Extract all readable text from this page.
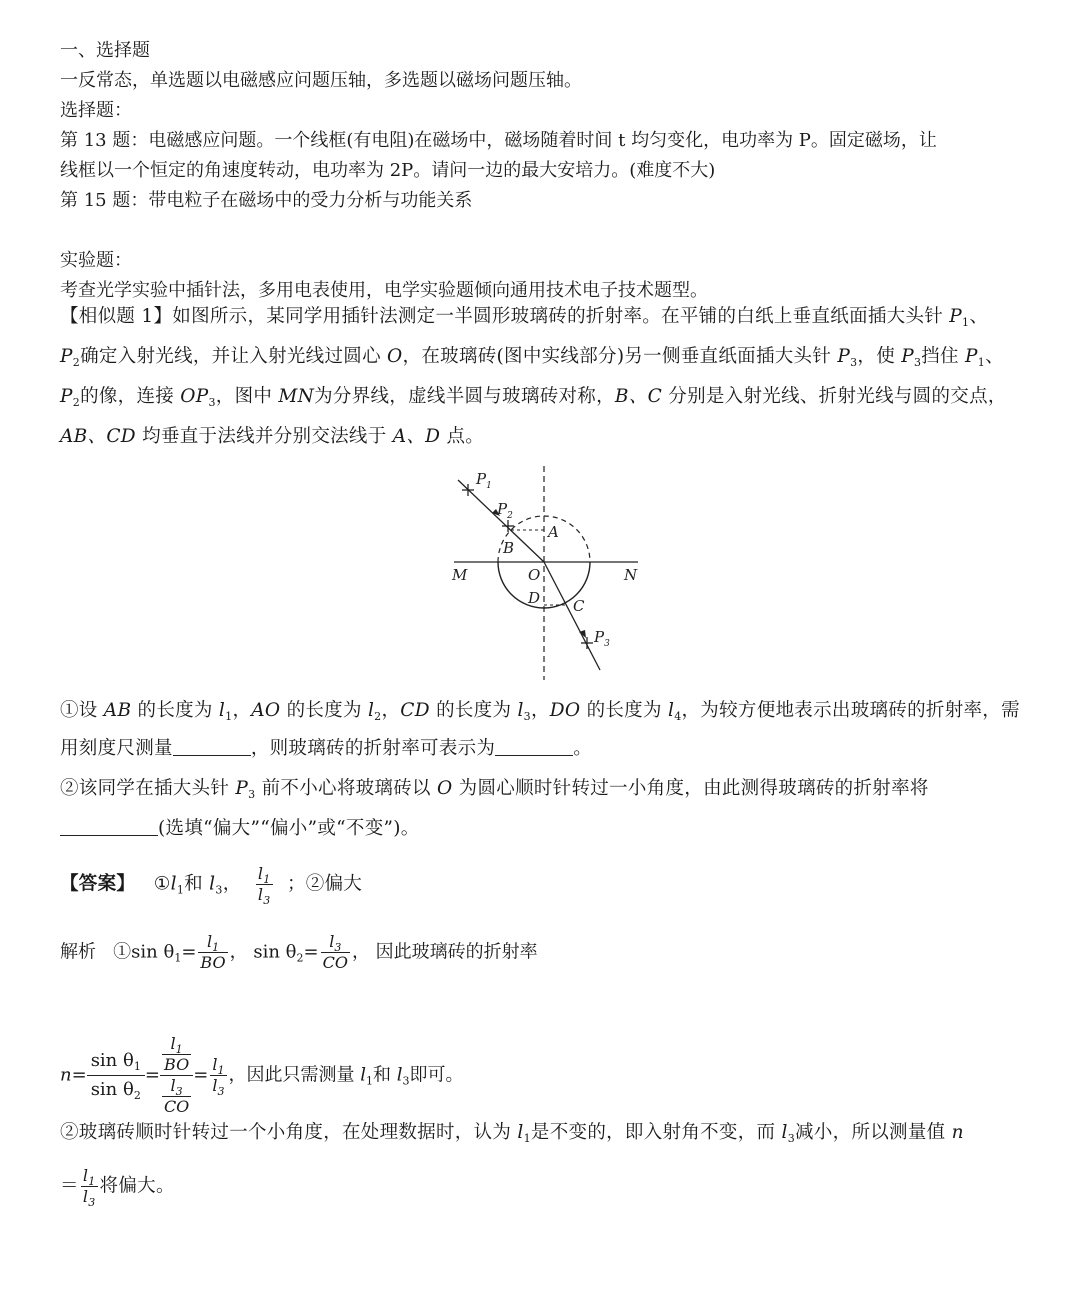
一、选择题
一反常态，单选题以电磁感应问题压轴，多选题以磁场问题压轴。
选择题：
第 13 题：电磁感应问题。一个线框(有电阻)在磁场中，磁场随着时间 t 均匀变化，电功率为 P。固定磁场，让
线框以一个恒定的角速度转动，电功率为 2P。请问一边的最大安培力。(难度不大)
第 15 题：带电粒子在磁场中的受力分析与功能关系
实验题：
考查光学实验中插针法，多用电表使用，电学实验题倾向通用技术电子技术题型。
【相似题 1】如图所示，某同学用插针法测定一半圆形玻璃砖的折射率。在平铺的白纸上垂直纸面插大头针 $P_1$、
$P_2$确定入射光线，并让入射光线过圆心 O，在玻璃砖(图中实线部分)另一侧垂直纸面插大头针 $P_3$，使 $P_3$挡住 $P_1$、
$P_2$的像，连接 $OP_3$，图中 MN为分界线，虚线半圆与玻璃砖对称，B、C 分别是入射光线、折射光线与圆的交点，
AB、CD 均垂直于法线并分别交法线于 A、D 点。
$P_1$
$P_2$
$P_3$
A
B
C
D
O
M	N
①设 AB 的长度为 $l_1$，AO 的长度为 $l_2$，CD 的长度为 $l_3$，DO 的长度为 $l_4$，为较方便地表示出玻璃砖的折射率，需
用刻度尺测量	，则玻璃砖的折射率可表示为	。
②该同学在插大头针 $P_3$ 前不小心将玻璃砖以 O 为圆心顺时针转过一小角度，由此测得玻璃砖的折射率将
(选填“偏大”“偏小”或“不变”)。
【答案】 $①l_1$和 $l_3$， $\frac{l_1}{l_3}$ ；②偏大
解析 ①sin $\theta_1= \frac{l_1}{BO}$ ， $\sin \theta_2= \frac{l_3}{CO}$ ， 因此玻璃砖的折射率
$n= \frac{\sin \theta_1}{\sin \theta_2} = \frac{\frac{l_1}{BO}}{\frac{l_3}{CO}} = \frac{l_1}{l_3}$ ，因此只需测量 $l_1$和 $l_3$即可。
②玻璃砖顺时针转过一个小角度，在处理数据时，认为 $l_1$是不变的，即入射角不变，而 $l_3$减小，所以测量值 n
＝ $\frac{l_1}{l_3}$ 将偏大。
